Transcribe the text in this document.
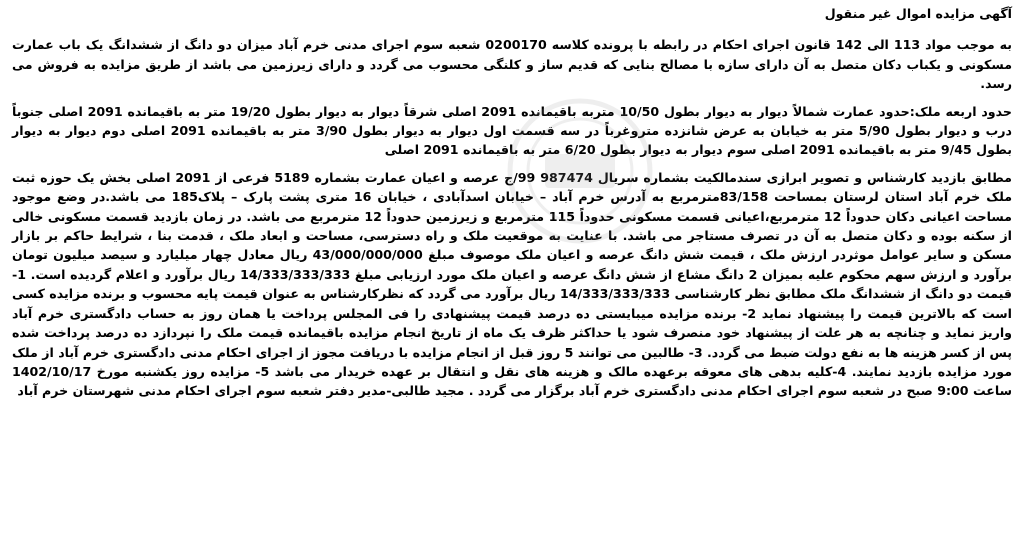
آگهی مزایده اموال غیر منقول

به موجب مواد 113 الی 142 قانون اجرای احکام در رابطه با پرونده کلاسه 0200170 شعبه سوم اجرای مدنی خرم آباد میزان دو دانگ از ششدانگ یک باب عمارت مسکونی و یکباب دکان متصل به آن دارای سازه با مصالح بنایی که قدیم ساز و کلنگی محسوب می گردد و دارای زیرزمین می باشد از طریق مزایده به فروش می رسد.

حدود اربعه ملک:حدود عمارت شمالاً دیوار به دیوار بطول 10/50 متربه باقیمانده 2091 اصلی شرقاً دیوار به دیوار بطول 19/20 متر به باقیمانده 2091 اصلی جنوباً درب و دیوار بطول 5/90 متر به خیابان به عرض شانزده متروغرباً در سه قسمت اول دیوار به دیوار بطول 3/90 متر به باقیمانده 2091 اصلی دوم دیوار به دیوار بطول 9/45 متر به باقیمانده 2091 اصلی سوم دیوار به دیوار بطول 6/20 متر به باقیمانده 2091 اصلی

مطابق بازدید کارشناس و تصویر ابرازی سندمالکیت بشماره سریال 987474 99/ج عرصه و اعیان عمارت بشماره 5189 فرعی از 2091 اصلی بخش یک حوزه ثبت ملک خرم آباد استان لرستان بمساحت 83/158مترمربع به آدرس خرم آباد – خیابان اسدآبادی ، خیابان 16 متری پشت پارک – پلاک185 می باشد.در وضع موجود مساحت اعیانی دکان حدوداً 12 مترمربع،اعیانی قسمت مسکونی حدوداً 115 مترمربع و زیرزمین حدوداً 12 مترمربع می باشد. در زمان بازدید قسمت مسکونی خالی از سکنه بوده و دکان متصل به آن در تصرف مستاجر می باشد. با عنایت به موقعیت ملک و راه دسترسی، مساحت و ابعاد ملک ، قدمت بنا ، شرایط حاکم بر بازار مسکن و سایر عوامل موثردر ارزش ملک ، قیمت شش دانگ عرصه و اعیان ملک موصوف مبلغ 43/000/000/000 ریال معادل چهار میلیارد و سیصد میلیون تومان برآورد و ارزش سهم محکوم علیه بمیزان 2 دانگ مشاع از شش دانگ عرصه و اعیان ملک مورد ارزیابی مبلغ 14/333/333/333 ریال برآورد و اعلام گردیده است. 1-قیمت دو دانگ از ششدانگ ملک مطابق نظر کارشناسی 14/333/333/333 ریال برآورد می گردد که نظرکارشناس به عنوان قیمت پایه محسوب و برنده مزایده کسی است که بالاترین قیمت را پیشنهاد نماید 2- برنده مزایده میبایستی ده درصد قیمت پیشنهادی را فی المجلس پرداخت یا همان روز به حساب دادگستری خرم آباد واریز نماید و چنانچه به هر علت از پیشنهاد خود منصرف شود یا حداکثر ظرف یک ماه از تاریخ انجام مزایده باقیمانده قیمت ملک را نپردازد ده درصد پرداخت شده پس از کسر هزینه ها به نفع دولت ضبط می گردد. 3- طالبین می توانند 5 روز قبل از انجام مزایده با دریافت مجوز از اجرای احکام مدنی دادگستری خرم آباد از ملک مورد مزایده بازدید نمایند. 4-کلیه بدهی های معوقه برعهده مالک و هزینه های نقل و انتقال بر عهده خریدار می باشد 5- مزایده روز یکشنبه مورخ 1402/10/17 ساعت 9:00 صبح در شعبه سوم اجرای احکام مدنی دادگستری خرم آباد برگزار می گردد . مجید طالبی-مدیر دفتر شعبه سوم اجرای احکام مدنی شهرستان خرم آباد
